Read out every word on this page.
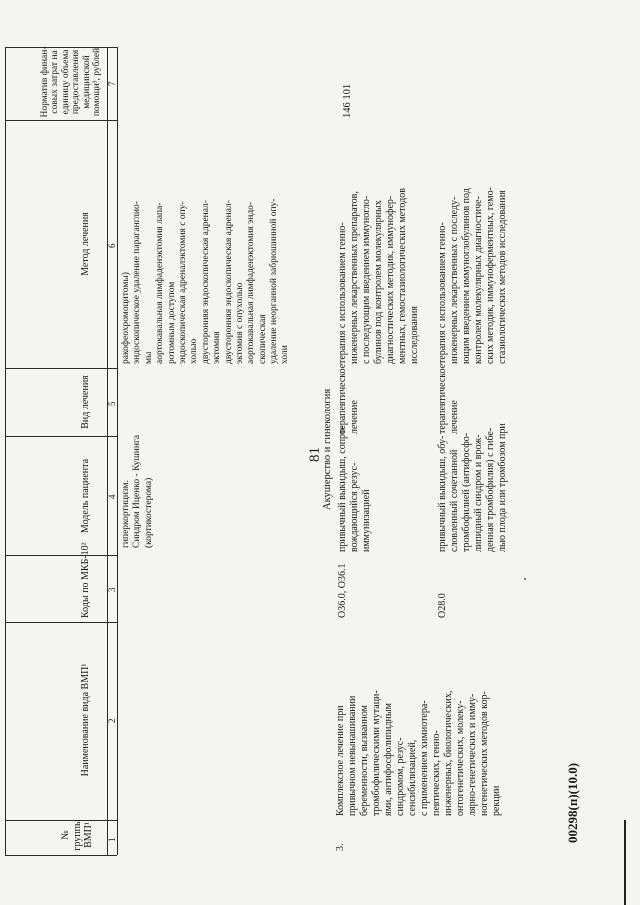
№ группы ВМП¹
Наименование вида ВМП¹
Коды по МКБ-10²
Модель пациента
Вид лечения
Метод лечения
Норматив финан- совых затрат на единицу объема предоставления медицинской помощи³, рублей
1
2
3
4
5
6
7
81
гиперкортицизм. Синдром Иценко - Кушинга (кортикостерома)
ракофеохромоцитомы) эндоскопическое удаление параганглио- мы аортокавальная лимфаденэктомия лапа- ротомным доступом эндоскопическая адреналэктомия с опу- холью двусторонняя эндоскопическая адренал- эктомия двусторонняя эндоскопическая адренал- эктомия с опухолью аортокавальная лимфаденэктомия эндо- скопическая удаление неорганной забрюшинной опу- холи
Акушерство и гинекология
3.
Комплексное лечение при привычном невынашивании беременности, вызванном тромбофилическими мутаци- ями, антифосфолипидным синдромом, резус- сенсибилизацией, с применением химиотера- певтических, генно- инженерных, биологических, онтогенетических, молеку- лярно-генетических и имму- ногенетических методов кор- рекции
O36.0, O36.1
привычный выкидыш, сопро- вождающийся резус- иммунизацией
терапевтическое лечение
терапия с использованием генно- инженерных лекарственных препаратов, с последующим введением иммуногло- булинов под контролем молекулярных диагностических методик, иммунофер- ментных, гемостазиологических методов исследования
146 101
O28.0
привычный выкидыш, обу- словленный сочетанной тромбофилией (антифосфо- липидный синдром и врож- денная тромбофилия) с гибе- лью плода или тромбозом при
терапевтическое лечение
терапия с использованием генно- инженерных лекарственных с последу- ющим введением иммуноглобулинов под контролем молекулярных диагностиче- ских методик, иммуноферментных, гемо- стазиологических методов исследования
00298(п)(10.0)
